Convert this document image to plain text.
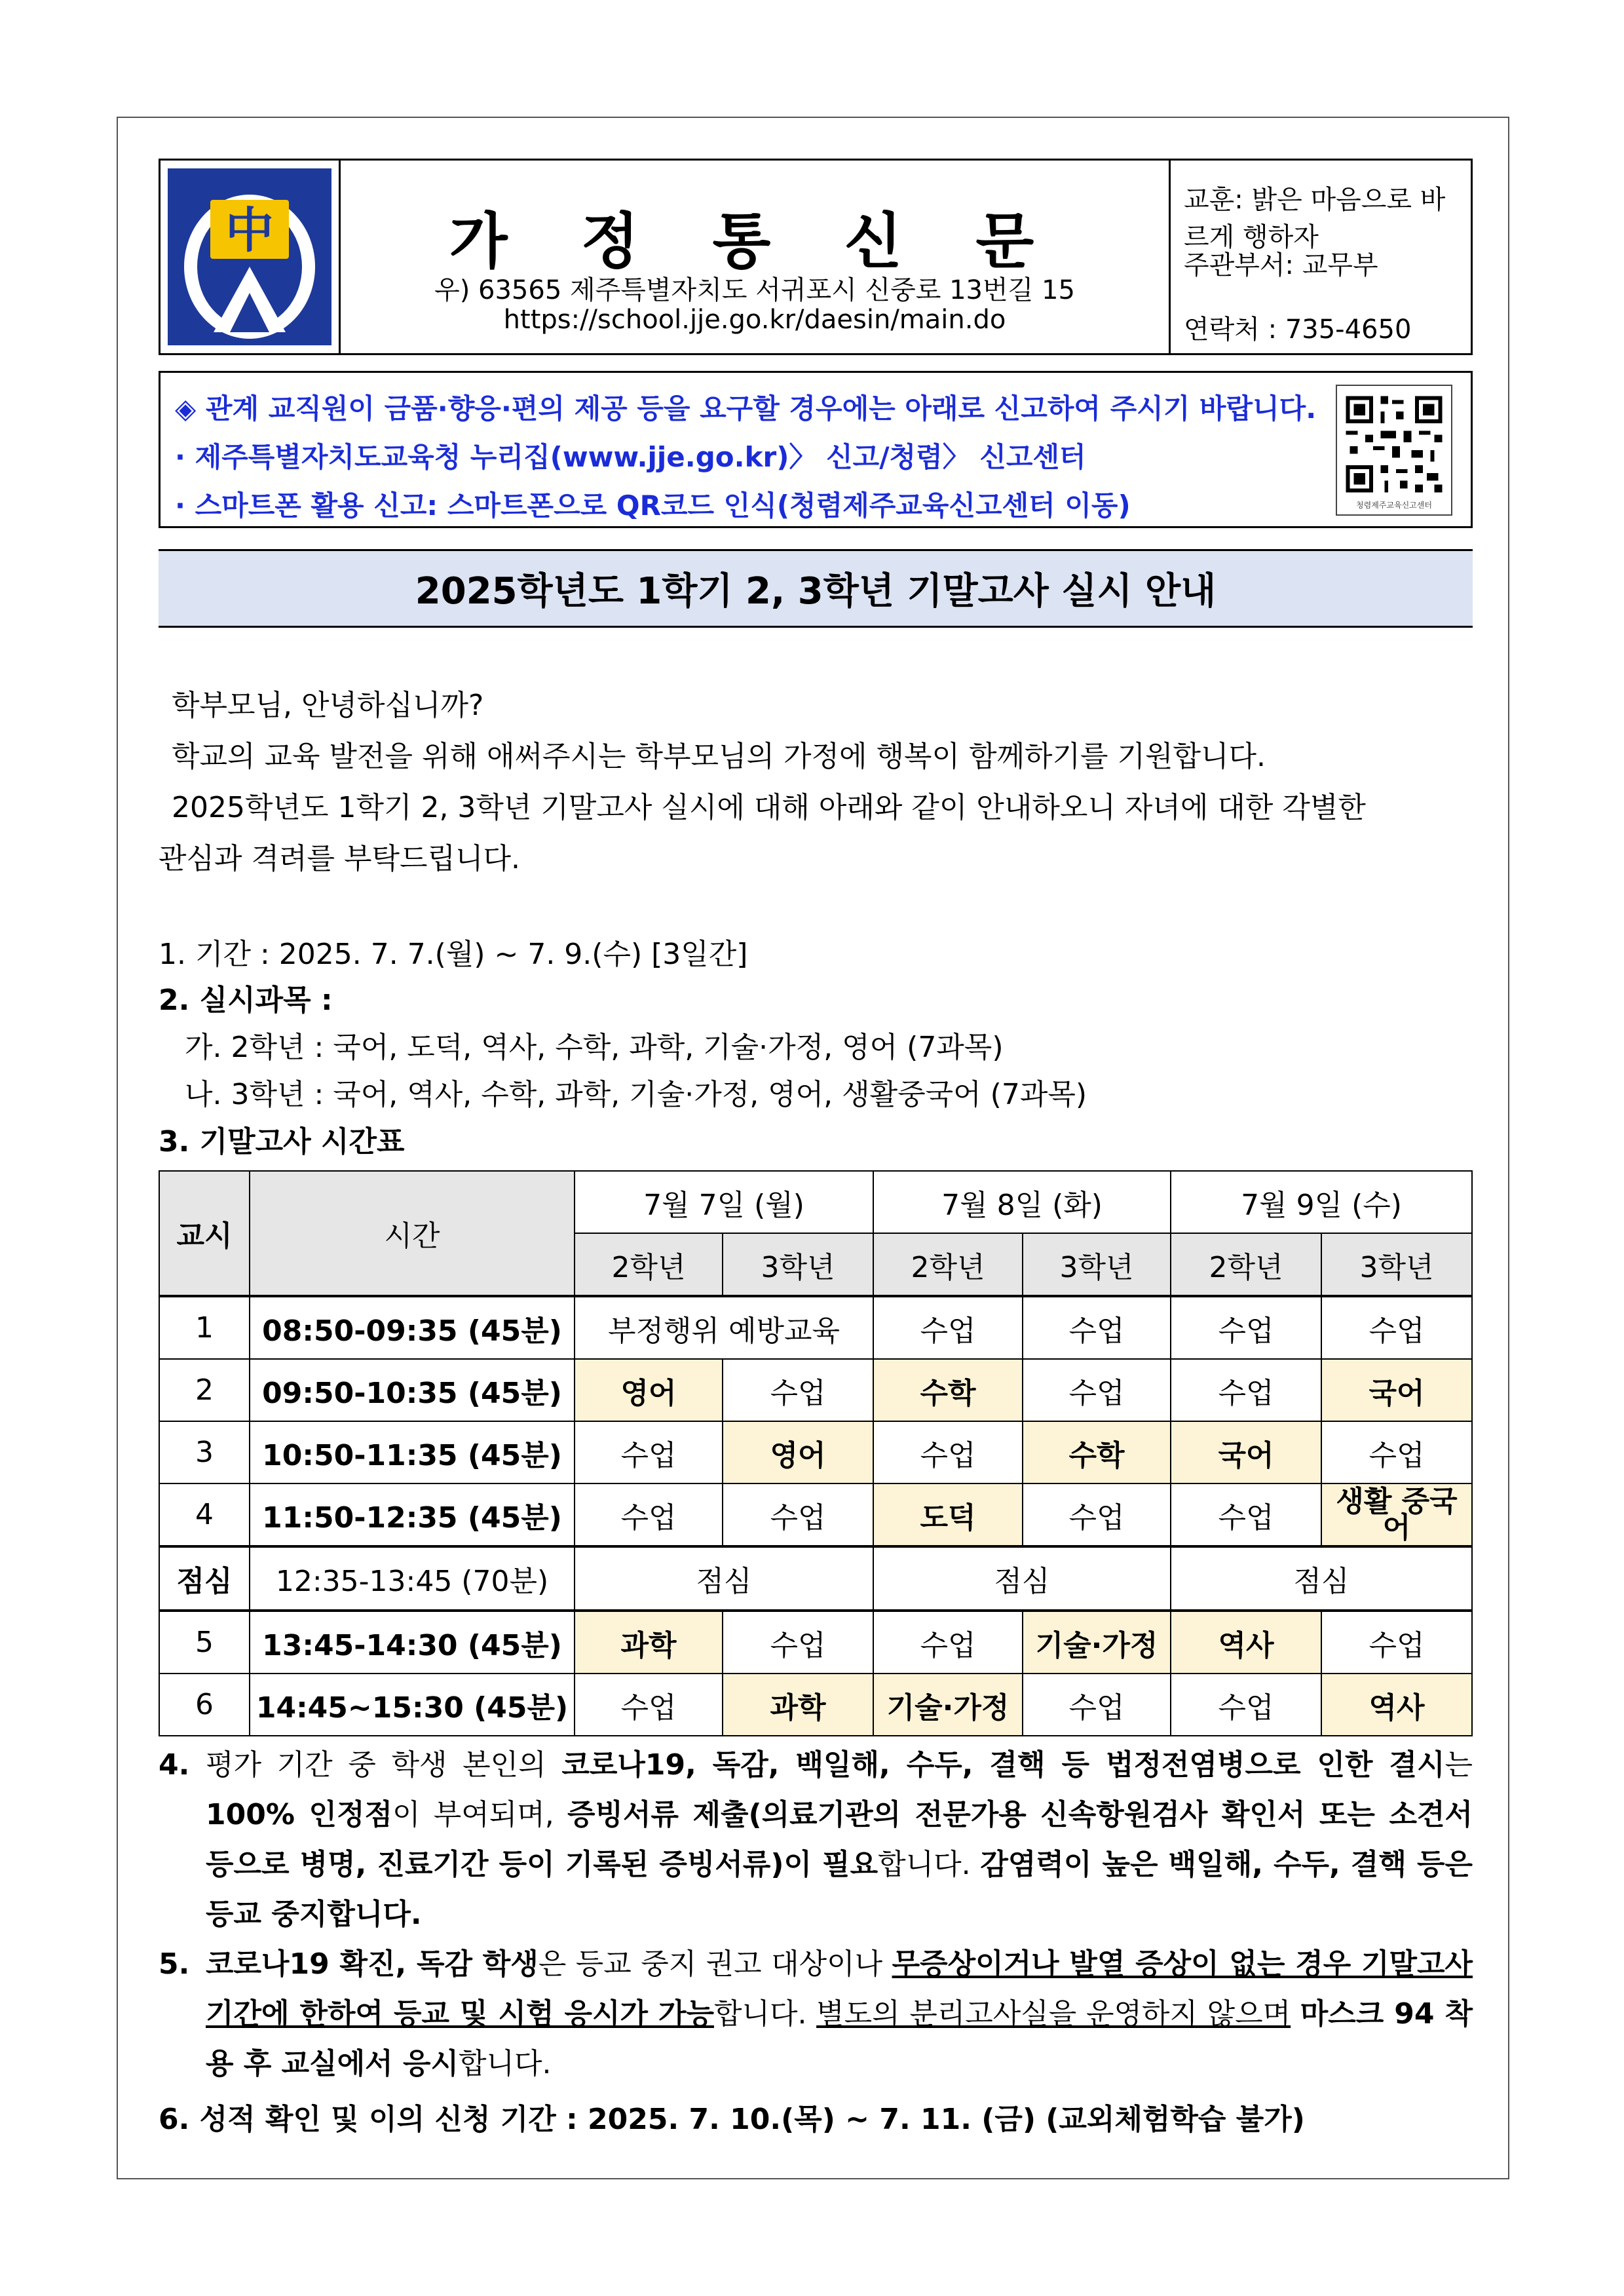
中	가 정 통 신 문
우) 63565 제주특별자치도 서귀포시 신중로 13번길 15
https://school.jje.go.kr/daesin/main.do
교훈: 밝은 마음으로 바르게 행하자
주관부서: 교무부
연락처 : 735-4650
◈ 관계 교직원이 금품·향응·편의 제공 등을 요구할 경우에는 아래로 신고하여 주시기 바랍니다.
· 제주특별자치도교육청 누리집(www.jje.go.kr)〉 신고/청렴〉 신고센터
· 스마트폰 활용 신고: 스마트폰으로 QR코드 인식(청렴제주교육신고센터 이동)	청렴제주교육신고센터
2025학년도 1학기 2, 3학년 기말고사 실시 안내
학부모님, 안녕하십니까?
학교의 교육 발전을 위해 애써주시는 학부모님의 가정에 행복이 함께하기를 기원합니다.
2025학년도 1학기 2, 3학년 기말고사 실시에 대해 아래와 같이 안내하오니 자녀에 대한 각별한
관심과 격려를 부탁드립니다.
1. 기간 : 2025. 7. 7.(월) ~ 7. 9.(수) [3일간]
2. 실시과목 :
가. 2학년 : 국어, 도덕, 역사, 수학, 과학, 기술·가정, 영어 (7과목)
나. 3학년 : 국어, 역사, 수학, 과학, 기술·가정, 영어, 생활중국어 (7과목)
3. 기말고사 시간표
교시	시간	7월 7일 (월)		7월 8일 (화)		7월 9일 (수)	
		2학년	3학년	2학년	3학년	2학년	3학년
1	08:50-09:35 (45분)	부정행위 예방교육		수업	수업	수업	수업
2	09:50-10:35 (45분)	영어	수업	수학	수업	수업	국어
3	10:50-11:35 (45분)	수업	영어	수업	수학	국어	수업
4	11:50-12:35 (45분)	수업	수업	도덕	수업	수업	생활 중국어
점심	12:35-13:45 (70분)	점심		점심		점심	
5	13:45-14:30 (45분)	과학	수업	수업	기술·가정	역사	수업
6	14:45~15:30 (45분)	수업	과학	기술·가정	수업	수업	역사
4. 평가 기간 중 학생 본인의 코로나19, 독감, 백일해, 수두, 결핵 등 법정전염병으로 인한 결시는 100% 인정점이 부여되며, 증빙서류 제출(의료기관의 전문가용 신속항원검사 확인서 또는 소견서 등으로 병명, 진료기간 등이 기록된 증빙서류)이 필요합니다. 감염력이 높은 백일해, 수두, 결핵 등은 등교 중지합니다.
5. 코로나19 확진, 독감 학생은 등교 중지 권고 대상이나 무증상이거나 발열 증상이 없는 경우 기말고사 기간에 한하여 등교 및 시험 응시가 가능합니다. 별도의 분리고사실을 운영하지 않으며 마스크 94 착용 후 교실에서 응시합니다.
6. 성적 확인 및 이의 신청 기간 : 2025. 7. 10.(목) ~ 7. 11. (금) (교외체험학습 불가)
